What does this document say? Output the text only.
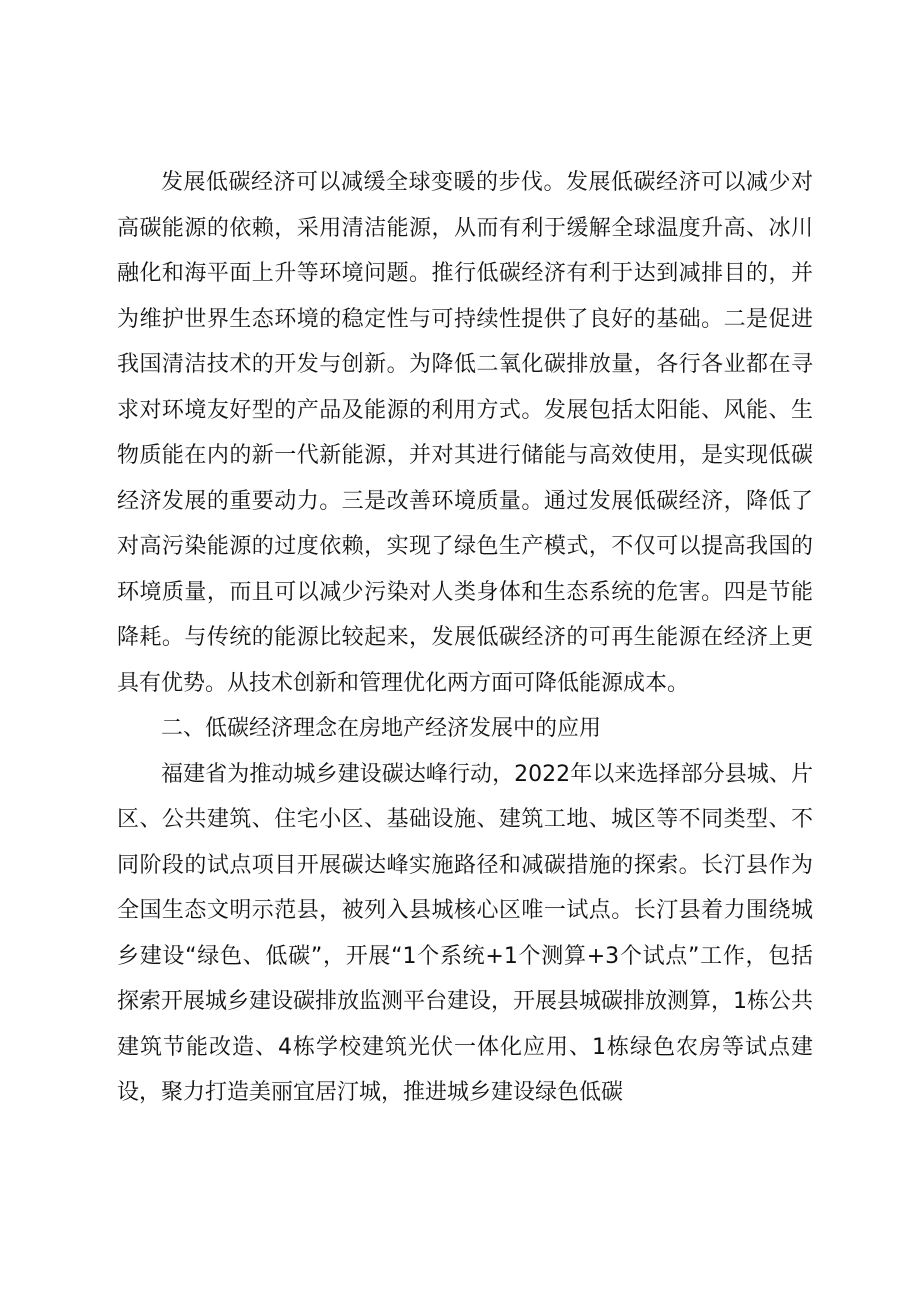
发展低碳经济可以减缓全球变暖的步伐。发展低碳经济可以减少对高碳能源的依赖，采用清洁能源，从而有利于缓解全球温度升高、冰川融化和海平面上升等环境问题。推行低碳经济有利于达到减排目的，并为维护世界生态环境的稳定性与可持续性提供了良好的基础。二是促进我国清洁技术的开发与创新。为降低二氧化碳排放量，各行各业都在寻求对环境友好型的产品及能源的利用方式。发展包括太阳能、风能、生物质能在内的新一代新能源，并对其进行储能与高效使用，是实现低碳经济发展的重要动力。三是改善环境质量。通过发展低碳经济，降低了对高污染能源的过度依赖，实现了绿色生产模式，不仅可以提高我国的环境质量，而且可以减少污染对人类身体和生态系统的危害。四是节能降耗。与传统的能源比较起来，发展低碳经济的可再生能源在经济上更具有优势。从技术创新和管理优化两方面可降低能源成本。

二、低碳经济理念在房地产经济发展中的应用

福建省为推动城乡建设碳达峰行动，2022年以来选择部分县城、片区、公共建筑、住宅小区、基础设施、建筑工地、城区等不同类型、不同阶段的试点项目开展碳达峰实施路径和减碳措施的探索。长汀县作为全国生态文明示范县，被列入县城核心区唯一试点。长汀县着力围绕城乡建设“绿色、低碳”，开展“1个系统+1个测算+3个试点”工作，包括探索开展城乡建设碳排放监测平台建设，开展县城碳排放测算，1栋公共建筑节能改造、4栋学校建筑光伏一体化应用、1栋绿色农房等试点建设，聚力打造美丽宜居汀城，推进城乡建设绿色低碳
